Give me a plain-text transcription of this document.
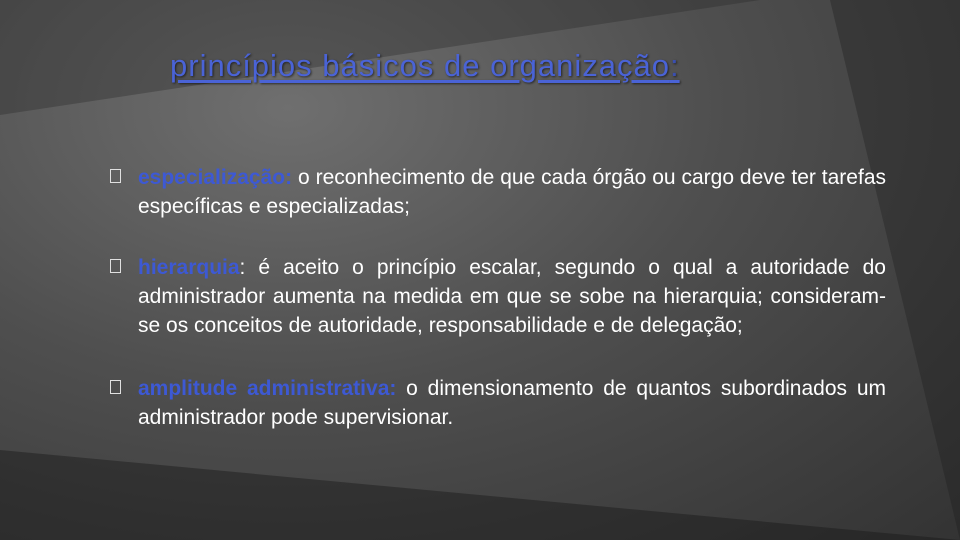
princípios básicos de organização:
especialização: o reconhecimento de que cada órgão ou cargo deve ter tarefas específicas e especializadas;
hierarquia: é aceito o princípio escalar, segundo o qual a autoridade do administrador aumenta na medida em que se sobe na hierarquia; consideram-se os conceitos de autoridade, responsabilidade e de delegação;
amplitude administrativa: o dimensionamento de quantos subordinados um administrador pode supervisionar.
